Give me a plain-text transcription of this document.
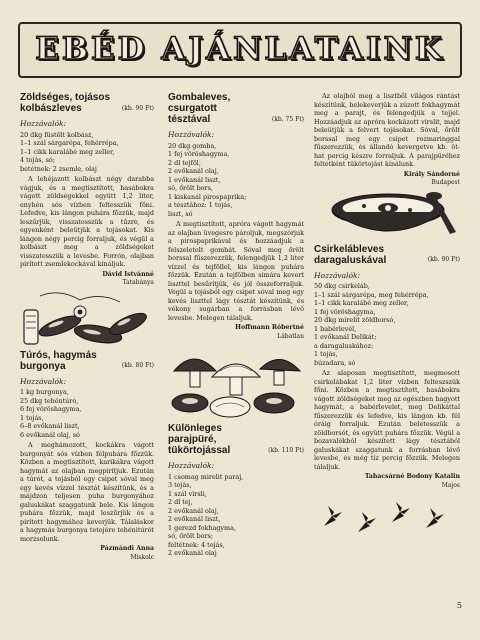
EBÉD AJÁNLATAINK
Zöldséges, tojásos kolbászleves	(kb. 90 Ft)
Hozzávalók:
20 dkg füstölt kolbász,
1–1 szál sárgarépa, fehérrépa,
1–1 cikk karalábé meg zeller,
4 tojás, só;
betétnek: 2 zsemle, olaj
A lehéjazott kolbászt négy darabba vágjuk, és a megtisztított, hasábokra vágott zöldségekkel együtt 1,2 liter, enyhén sós vízben feltesszük főni. Lefedve, kis lángon puhára főzzük, majd leszűrjük, visszatesszük a tűzre, és egyenként beleütjük a tojásokat. Kis lángon négy percig forraljuk, és végül a kolbászt meg a zöldségeket visszatesszük a levesbe. Forrón, olajban pirított zsemlekockával kínáljuk.
Dávid Istvánné
Tatabánya
Túrós, hagymás burgonya	(kb. 80 Ft)
Hozzávalók:
1 kg burgonya,
25 dkg tehéntúró,
6 fej vöröshagyma,
1 tojás,
6–8 evőkanál liszt,
6 evőkanál olaj, só
A meghámozott, kockákra vágott burgonyát sós vízben félpuhára főzzük. Közben a megtisztított, karikákra vágott hagymát az olajban megpirítjuk. Ezután a túrót, a tojásból egy csipet sóval meg egy kevés vízzel tésztát készítünk, és a májdzon teljesen puha burgonyához galuskákat szaggatunk bele. Kis lángon puhára főzzük, majd leszűrjük és a pirított hagymához keverjük. Tálaláskor a hagymás burgonya tetejére tehénitúrót morzsolunk.
Pázmándi Anna
Miskolc
Gombaleves, csurgatott tésztával	(kb. 75 Ft)
Hozzávalók:
20 dkg gomba,
1 fej vöröshagyma,
2 dl tejföl,
2 evőkanál olaj,
1 evőkanál liszt,
só, őrölt bors,
1 kiskanál pirospaprika;
a tésztához: 1 tojás,
liszt, só
A megtisztított, apróra vágott hagymát az olajban üvegesre pároljuk, megszórjuk a pirospaprikával és hozzáadjuk a felszeletelt gombát. Sóval meg őrölt borssal fűszerezzük, felengedjük 1,2 liter vízzel és tejföllel, kis lángon puhára főzzük. Ezután a tejfölben simára kevert liszttel besűrítjük, és jól összeforraljuk. Végül a tojásból egy csipet sóval meg egy kevés liszttel lágy tésztát készítünk, és vékony sugárban a forrásban lévő levesbe. Melegen tálaljuk.
Hoffmann Róbertné
Lábatlan
Különleges parajpüré, tükörtojással	(kb. 110 Ft)
Hozzávalók:
1 csomag mirelit paraj,
3 tojás,
1 szál virsli,
2 dl tej,
2 evőkanál olaj,
2 evőkanál liszt,
1 gerezd fokhagyma,
só, őrölt bors;
feltétnek: 4 tojás,
2 evőkanál olaj
Az olajból meg a lisztből világos rántást készítünk, belekeverjük a zúzott fokhagymát meg a parajt, és felengedjük a tejjel. Hozzáadjuk az apróra kockázott virslit, majd beleütjük a felvert tojásokat. Sóval, őrölt borssal meg egy csipet rozmaringgal fűszerezzük, és állandó kevergetve kb. öt-hat percig készre forraljuk. A parajpüréhez feltétként tükörtojást kínálunk.
Király Sándorné
Budapest
Csirkelábleves daragaluskával	(kb. 90 Ft)
Hozzávalók:
50 dkg csirkeláb,
1–1 szál sárgarépa, meg fehérrépa,
1–1 cikk karalábé meg zeller,
1 fej vöröshagyma,
20 dkg mirelit zöldborsó,
1 babérlevél,
1 evőkanál Delikát;
a daragaluskához:
1 tojás,
búzadara, só
Az alaposan megtisztított, megmosott csirkelábakat 1,2 liter vízben felteszszük főni. Közben a megtisztított, hasábokra vágott zöldségeket meg az egészben hagyott hagymát, a babérlevelet, meg Delikáttal fűszerezzük és lefedve, kis lángon kb. fél óráig forraljuk. Ezután beletesszük a zöldborsót, és együtt puhára főzzük. Végül a bozavalókból készített lágy tésztából galuskákat szaggatunk a forrásban lévő levesbe, és még tíz percig főzzük. Melegen tálaljuk.
Tahacsárné Bodony Katalin
Majos
5
